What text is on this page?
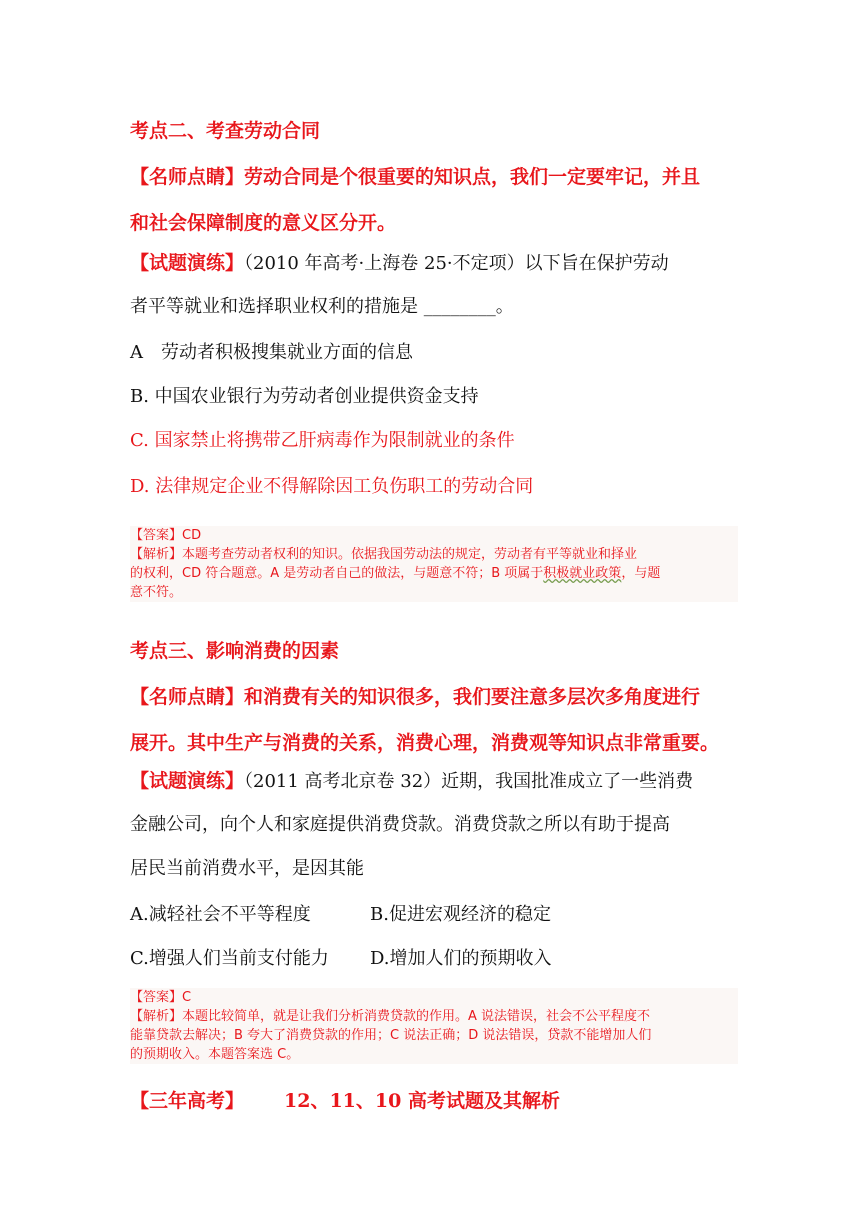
考点二、考查劳动合同
【名师点睛】劳动合同是个很重要的知识点，我们一定要牢记，并且
和社会保障制度的意义区分开。
【试题演练】（2010 年高考·上海卷 25·不定项）以下旨在保护劳动
者平等就业和选择职业权利的措施是 ________。
A　劳动者积极搜集就业方面的信息
B. 中国农业银行为劳动者创业提供资金支持
C. 国家禁止将携带乙肝病毒作为限制就业的条件
D. 法律规定企业不得解除因工负伤职工的劳动合同
【答案】CD
【解析】本题考查劳动者权利的知识。依据我国劳动法的规定，劳动者有平等就业和择业
的权利，CD 符合题意。A 是劳动者自己的做法，与题意不符；B 项属于积极就业政策，与题
意不符。
考点三、影响消费的因素
【名师点睛】和消费有关的知识很多，我们要注意多层次多角度进行
展开。其中生产与消费的关系，消费心理，消费观等知识点非常重要。
【试题演练】（2011 高考北京卷 32）近期，我国批准成立了一些消费
金融公司，向个人和家庭提供消费贷款。消费贷款之所以有助于提高
居民当前消费水平，是因其能
A.减轻社会不平等程度	B.促进宏观经济的稳定
C.增强人们当前支付能力 D.增加人们的预期收入
【答案】C
【解析】本题比较简单，就是让我们分析消费贷款的作用。A 说法错误，社会不公平程度不
能靠贷款去解决；B 夸大了消费贷款的作用；C 说法正确；D 说法错误，贷款不能增加人们
的预期收入。本题答案选 C。
【三年高考】 12、11、10 高考试题及其解析
